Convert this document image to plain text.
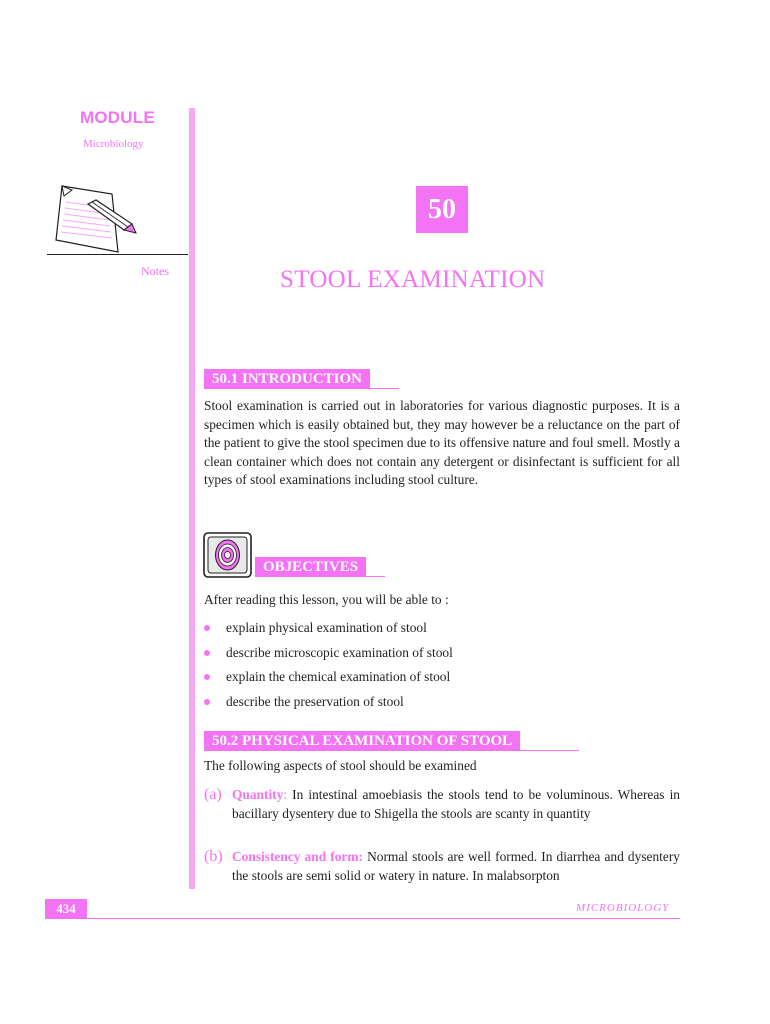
MODULE
Microbiology
Notes
50
STOOL EXAMINATION
50.1 INTRODUCTION
Stool examination is carried out in laboratories for various diagnostic purposes. It is a specimen which is easily obtained but, they may however be a reluctance on the part of the patient to give the stool specimen due to its offensive nature and foul smell. Mostly a clean container which does not contain any detergent or disinfectant is sufficient for all types of stool examinations including stool culture.
OBJECTIVES
After reading this lesson, you will be able to :
explain physical examination of stool
describe microscopic examination of stool
explain the chemical examination of stool
describe the preservation of stool
50.2 PHYSICAL EXAMINATION OF STOOL
The following aspects of stool should be examined
(a) Quantity: In intestinal amoebiasis the stools tend to be voluminous. Whereas in bacillary dysentery due to Shigella the stools are scanty in quantity
(b) Consistency and form: Normal stools are well formed. In diarrhea and dysentery the stools are semi solid or watery in nature. In malabsorpton
434	MICROBIOLOGY
